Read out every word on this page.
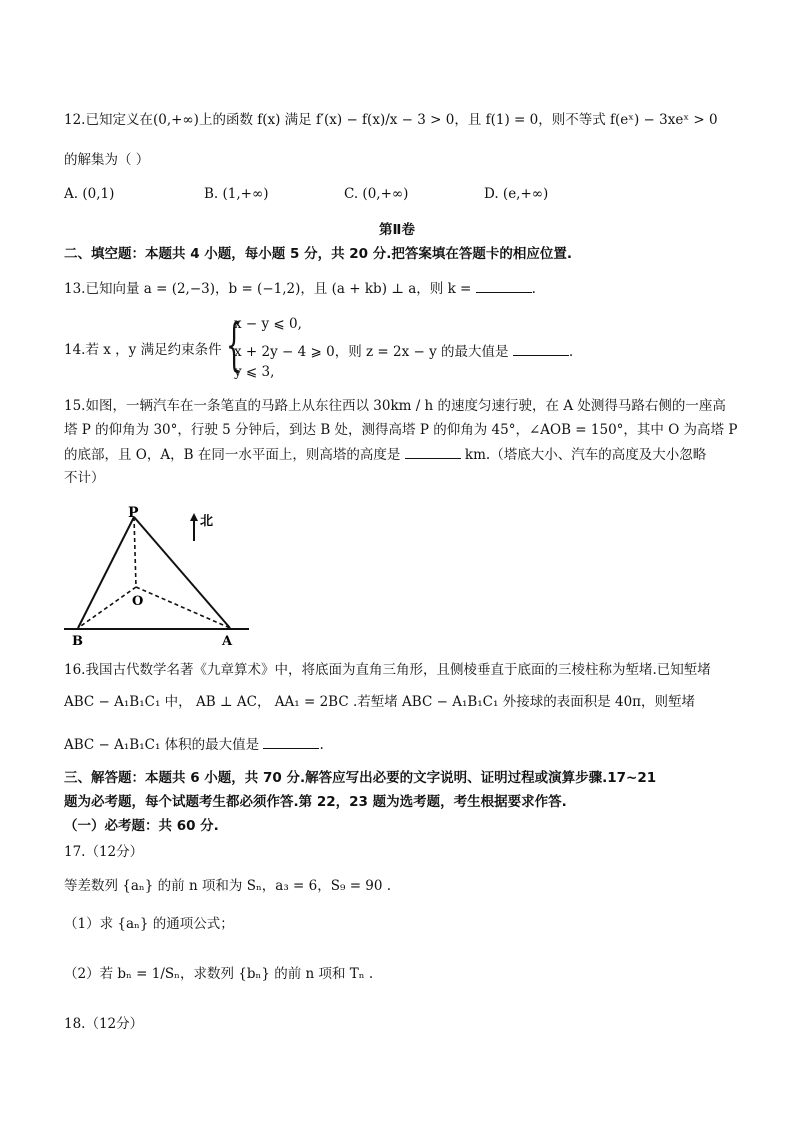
12.已知定义在(0,+∞)上的函数 f(x) 满足 f′(x) − f(x)/x − 3 > 0，且 f(1) = 0，则不等式 f(eˣ) − 3xeˣ > 0
的解集为（ ）
A. (0,1)	B. (1,+∞)	C. (0,+∞)	D. (e,+∞)
第Ⅱ卷
二、填空题：本题共 4 小题，每小题 5 分，共 20 分.把答案填在答题卡的相应位置.
13.已知向量 a = (2,−3)，b = (−1,2)，且 (a + kb) ⊥ a，则 k =	.
14.若 x ，y 满足约束条件 {
x − y ⩽ 0,
x + 2y − 4 ⩾ 0，则 z = 2x − y 的最大值是	.
y ⩽ 3,
15.如图，一辆汽车在一条笔直的马路上从东往西以 30km / h 的速度匀速行驶，在 A 处测得马路右侧的一座高
塔 P 的仰角为 30°，行驶 5 分钟后，到达 B 处，测得高塔 P 的仰角为 45°，∠AOB = 150°，其中 O 为高塔 P
的底部，且 O，A，B 在同一水平面上，则高塔的高度是	km.（塔底大小、汽车的高度及大小忽略
不计）
P
O
B	A
北
16.我国古代数学名著《九章算术》中，将底面为直角三角形，且侧棱垂直于底面的三棱柱称为堑堵.已知堑堵
ABC − A₁B₁C₁ 中， AB ⊥ AC， AA₁ = 2BC .若堑堵 ABC − A₁B₁C₁ 外接球的表面积是 40π，则堑堵
ABC − A₁B₁C₁ 体积的最大值是	.
三、解答题：本题共 6 小题，共 70 分.解答应写出必要的文字说明、证明过程或演算步骤.17~21
题为必考题，每个试题考生都必须作答.第 22，23 题为选考题，考生根据要求作答.
（一）必考题：共 60 分.
17.（12分）
等差数列 {aₙ} 的前 n 项和为 Sₙ，a₃ = 6，S₉ = 90 .
（1）求 {aₙ} 的通项公式；
（2）若 bₙ = 1/Sₙ，求数列 {bₙ} 的前 n 项和 Tₙ .
18.（12分）
